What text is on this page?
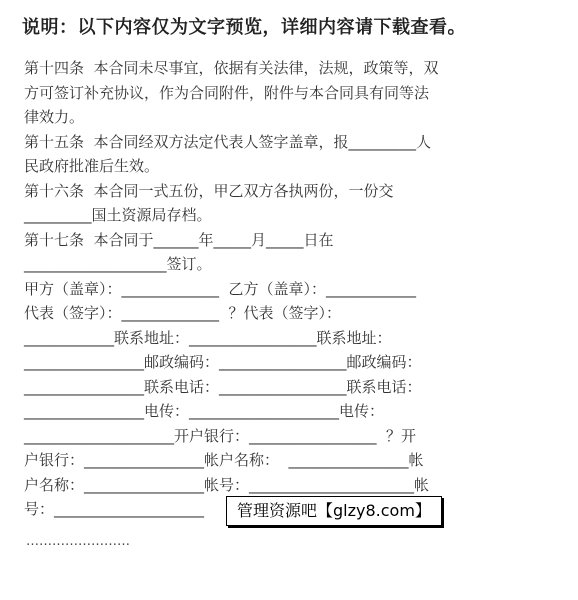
说明：以下内容仅为文字预览，详细内容请下载查看。
第十四条  本合同未尽事宜，依据有关法律，法规，政策等，双
方可签订补充协议，作为合同附件，附件与本合同具有同等法
律效力。
第十五条  本合同经双方法定代表人签字盖章，报_________人
民政府批准后生效。
第十六条  本合同一式五份，甲乙双方各执两份，一份交
_________国土资源局存档。
第十七条  本合同于______年_____月_____日在
___________________签订。
甲方（盖章）：_____________  乙方（盖章）：____________
代表（签字）：_____________  ？代表（签字）：
____________联系地址：_________________联系地址：
________________邮政编码：_________________邮政编码：
________________联系电话：_________________联系电话：
________________电传：____________________电传：
____________________开户银行：_________________  ？开
户银行：________________帐户名称：  ________________帐
户名称：________________帐号：______________________帐
号：____________________
……………………
管理资源吧【glzy8.com】
